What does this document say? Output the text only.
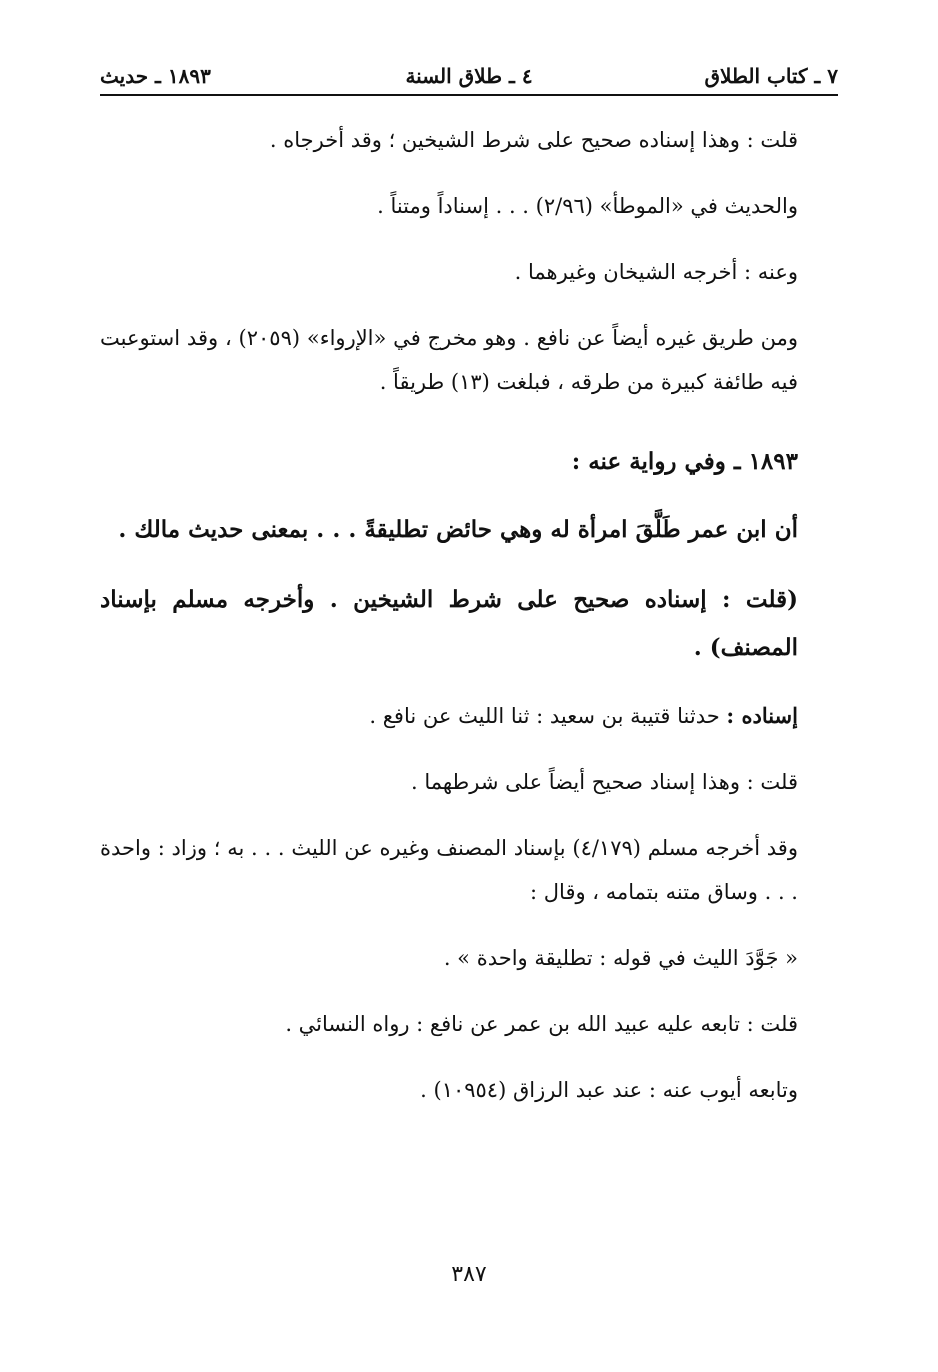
٧ ـ كتاب الطلاق
٤ ـ طلاق السنة
١٨٩٣ ـ حديث

قلت : وهذا إسناده صحيح على شرط الشيخين ؛ وقد أخرجاه .

والحديث في «الموطأ» (٢/٩٦) . . . إسناداً ومتناً .

وعنه : أخرجه الشيخان وغيرهما .

ومن طريق غيره أيضاً عن نافع . وهو مخرج في «الإرواء» (٢٠٥٩) ، وقد استوعبت فيه طائفة كبيرة من طرقه ، فبلغت (١٣) طريقاً .

١٨٩٣ ـ وفي رواية عنه :

أن ابن عمر طَلَّقَ امرأة له وهي حائض تطليقةً . . . بمعنى حديث مالك .

(قلت : إسناده صحيح على شرط الشيخين . وأخرجه مسلم بإسناد المصنف) .

إسناده : حدثنا قتيبة بن سعيد : ثنا الليث عن نافع .

قلت : وهذا إسناد صحيح أيضاً على شرطهما .

وقد أخرجه مسلم (٤/١٧٩) بإسناد المصنف وغيره عن الليث . . . به ؛ وزاد : واحدة . . . وساق متنه بتمامه ، وقال :

« جَوَّدَ الليث في قوله : تطليقة واحدة » .

قلت : تابعه عليه عبيد الله بن عمر عن نافع : رواه النسائي .

وتابعه أيوب عنه : عند عبد الرزاق (١٠٩٥٤) .

٣٨٧
